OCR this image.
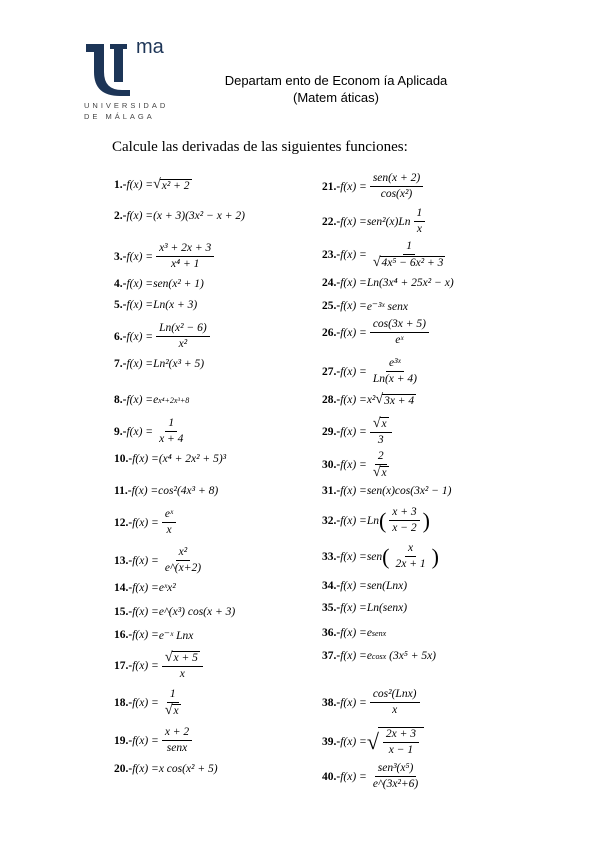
ma
UNIVERSIDAD
DE MÁLAGA
Departam ento de Econom ía Aplicada
(Matem áticas)
Calcule las derivadas de las siguientes funciones:
1.- f(x) = √ x² + 2
2.- f(x) = (x + 3)(3x² − x + 2)
3.- $f(x) = \frac{\text{x³ + 2x + 3}}{\text{x⁴ + 1}}$
4.- f(x) = sen(x² + 1)
5.- f(x) = Ln(x + 3)
6.- $f(x) = \frac{\text{Ln(x² − 6)}}{\text{x²}}$
7.- f(x) = Ln²(x³ + 5)
8.- f(x) = e x⁴+2x³+8
9.- $f(x) = \frac{1}{x + 4}$
10.- f(x) = (x⁴ + 2x² + 5)³
11.- f(x) = cos²(4x³ + 8)
12.- $f(x) = \frac{\text{eˣ}}{x}$
13.- $f(x) = \frac{\text{x²}}{e\^{}(x+2)}$
14.- f(x) = eˣx²
15.- f(x) = e^(x³) cos(x + 3)
16.- f(x) = e⁻ˣ Lnx
17.- $f(x) = \frac{√x + 5}{x}$
18.- $f(x) = \frac{1}{√x}$
19.- $f(x) = \frac{x + 2}{\text{senx}}$
20.- f(x) = x cos(x² + 5)
21.- $f(x) = \frac{\text{sen(x + 2)}}{\text{cos(x²)}}$
22.- $f(x) = sen^2(x)Ln \frac{1}{x}$
23.- $f(x) = \frac{1}{\text{√4x⁵ − 6x² + 3}}$
24.- f(x) = Ln(3x⁴ + 25x² − x)
25.- f(x) = e⁻³ˣ senx
26.- $f(x) = \frac{\cos(3x + 5)}{\text{eˣ}}$
27.- $f(x) = \frac{\text{e³ˣ}}{Ln(x + 4)}$
28.- f(x) = x² √ 3x + 4
29.- $f(x) = \frac{√x}{3}$
30.- $f(x) = \frac{2}{√x}$
31.- f(x) = sen(x)cos(3x² − 1)
32.- f(x) = Ln ( $\frac{x + 3}{x - 2}$ )
33.- f(x) = sen ( $\frac{x}{2x + 1}$ )
34.- f(x) = sen(Lnx)
35.- f(x) = Ln(senx)
36.- f(x) = e senx
37.- f(x) = e cosx (3x⁵ + 5x)
38.- $f(x) = \frac{\text{cos²(Lnx)}}{x}$
39.- f(x) = √ $\frac{2x + 3}{x - 1}$
40.- $f(x) = \frac{\text{sen³(x⁵)}}{\text{e\textasciicircum{}(3x²+6)}}$
